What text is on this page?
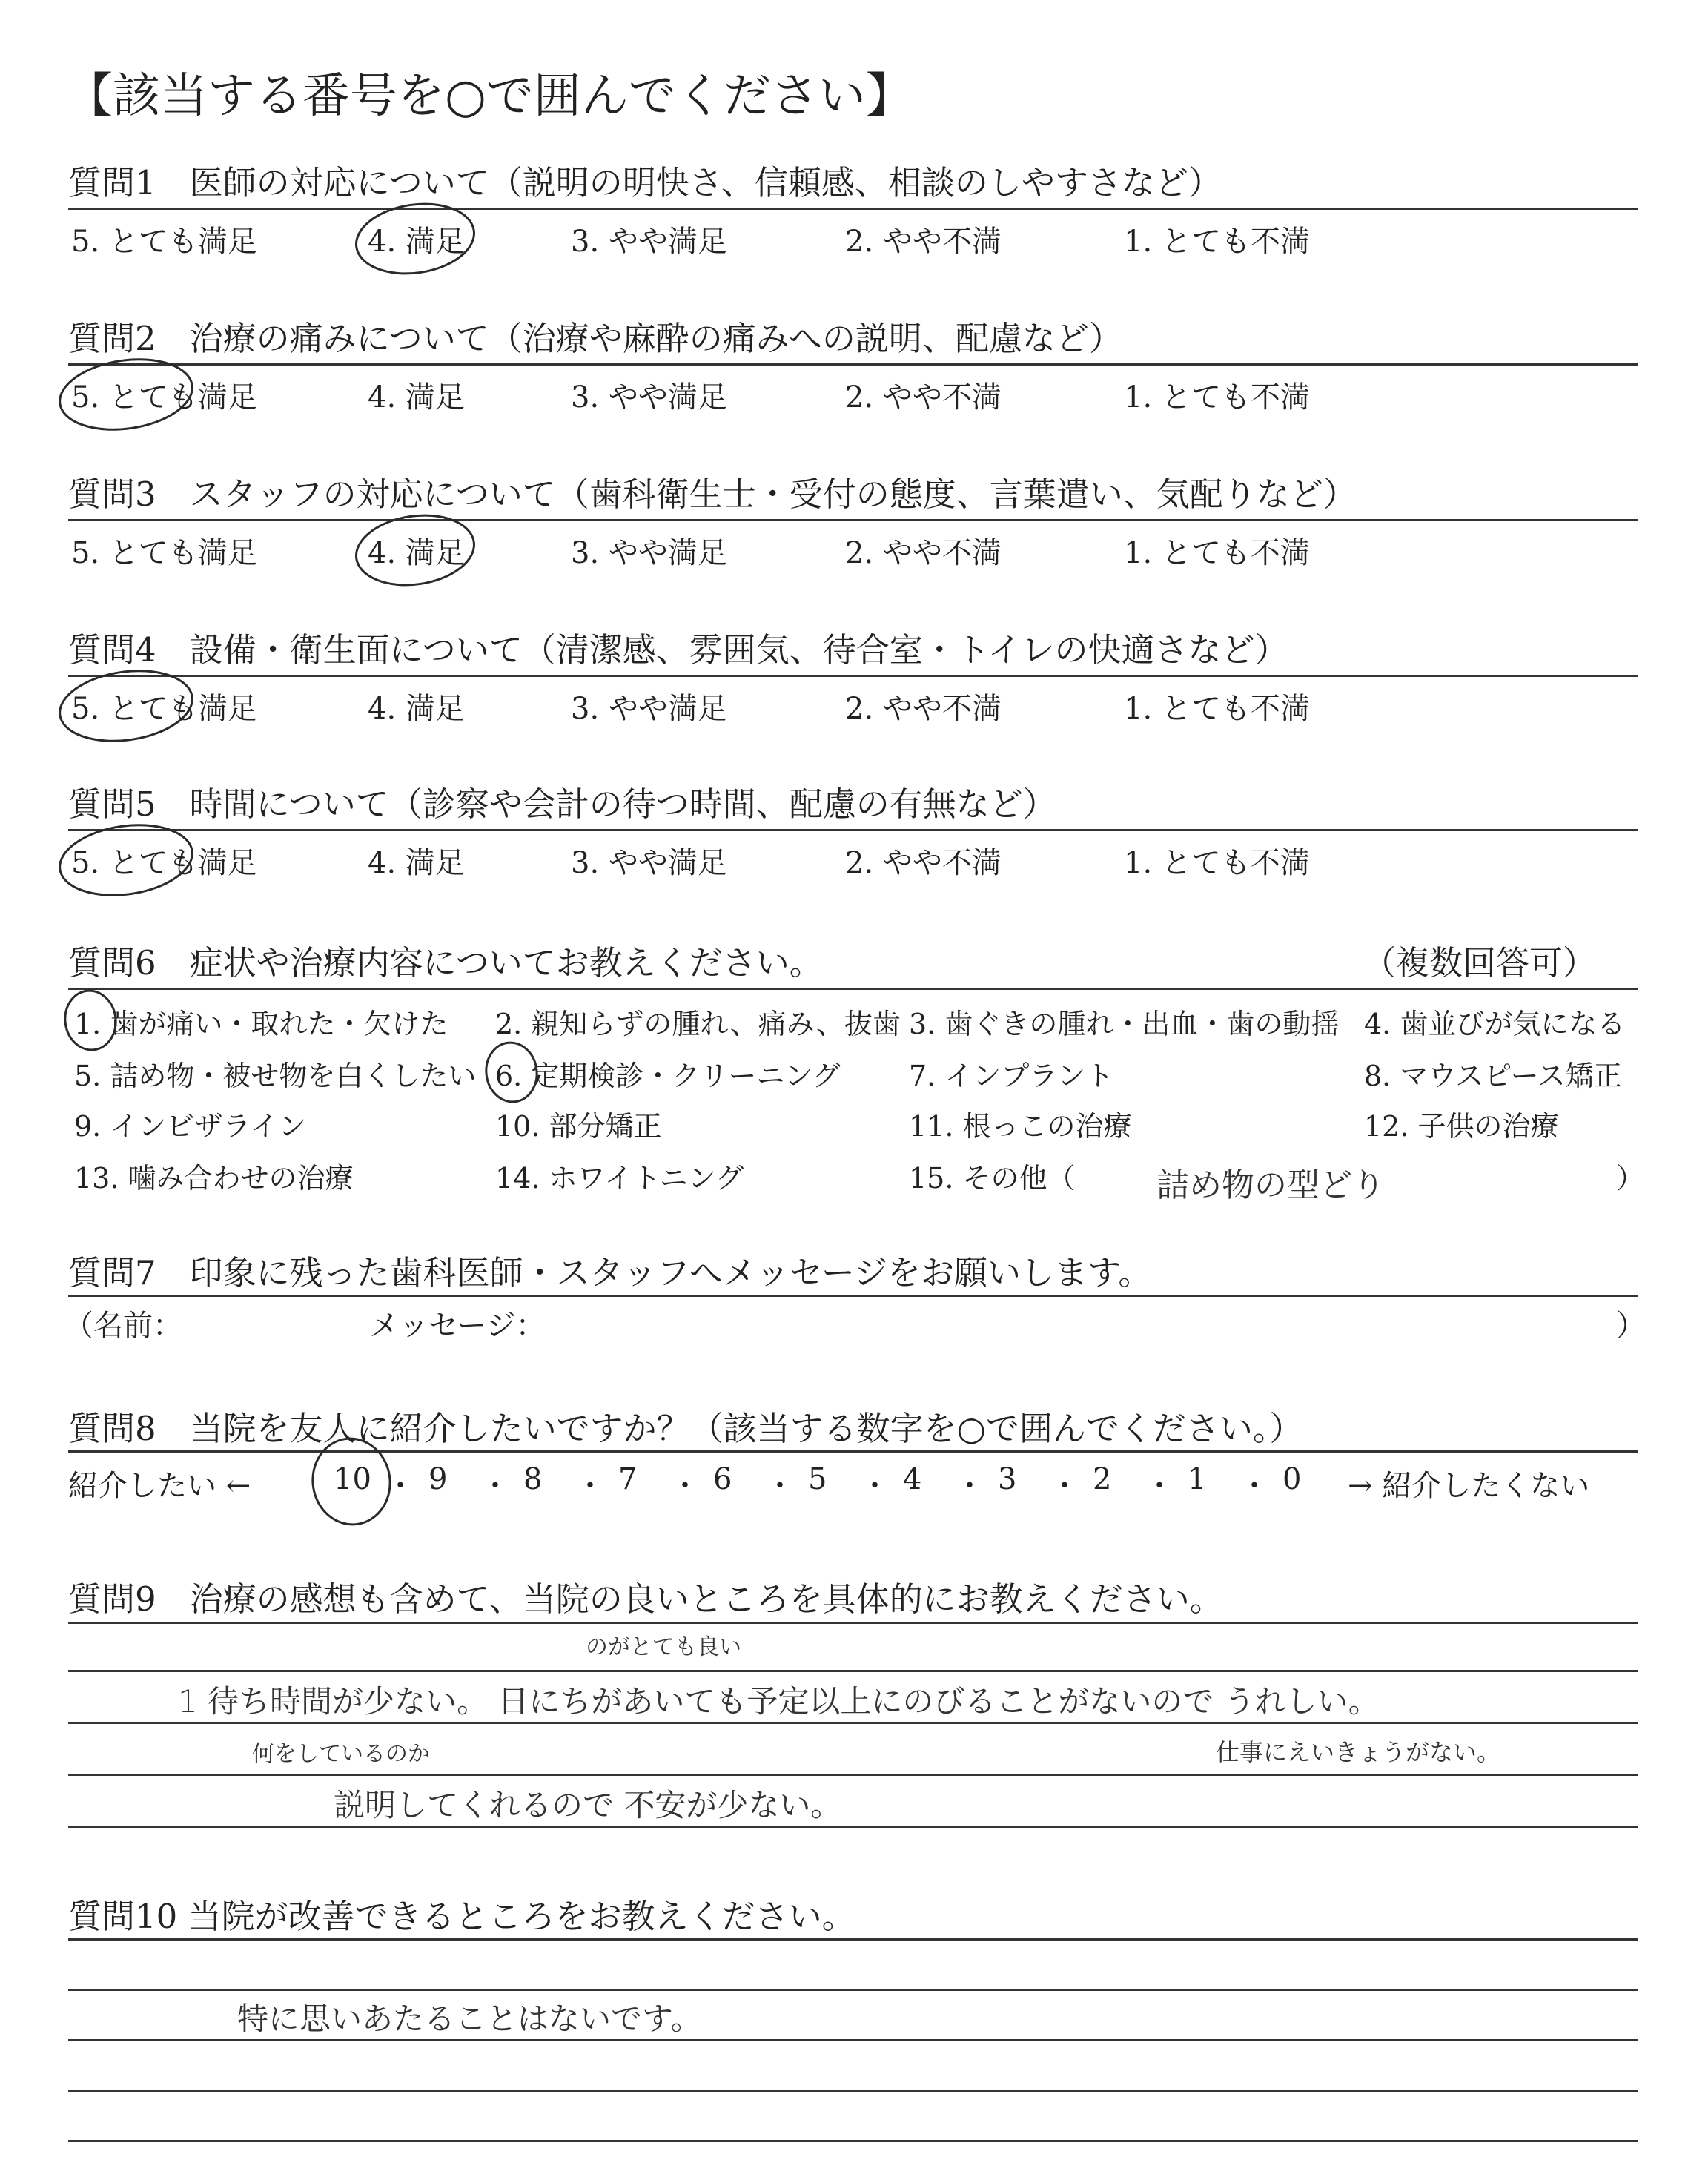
【該当する番号を○で囲んでください】
質問1　医師の対応について（説明の明快さ、信頼感、相談のしやすさなど）
5. とても満足	4. 満足	3. やや満足	2. やや不満	1. とても不満
質問2　治療の痛みについて（治療や麻酔の痛みへの説明、配慮など）
5. とても満足	4. 満足	3. やや満足	2. やや不満	1. とても不満
質問3　スタッフの対応について（歯科衛生士・受付の態度、言葉遣い、気配りなど）
5. とても満足	4. 満足	3. やや満足	2. やや不満	1. とても不満
質問4　設備・衛生面について（清潔感、雰囲気、待合室・トイレの快適さなど）
5. とても満足	4. 満足	3. やや満足	2. やや不満	1. とても不満
質問5　時間について（診察や会計の待つ時間、配慮の有無など）
5. とても満足	4. 満足	3. やや満足	2. やや不満	1. とても不満
質問6　症状や治療内容についてお教えください。	（複数回答可）
1. 歯が痛い・取れた・欠けた 2. 親知らずの腫れ、痛み、抜歯 3. 歯ぐきの腫れ・出血・歯の動揺 4. 歯並びが気になる
5. 詰め物・被せ物を白くしたい 6. 定期検診・クリーニング 7. インプラント	8. マウスピース矯正
9. インビザライン	10. 部分矯正	11. 根っこの治療	12. 子供の治療
13. 噛み合わせの治療	14. ホワイトニング	15. その他（	）
詰め物の型どり
質問7　印象に残った歯科医師・スタッフへメッセージをお願いします。
（名前：	メッセージ：	）
質問8　当院を友人に紹介したいですか？（該当する数字を○で囲んでください。）
紹介したい ←	10 ・ 9 ・ 8 ・ 7 ・ 6 ・ 5 ・ 4 ・ 3 ・ 2 ・ 1 ・ 0 → 紹介したくない
質問9　治療の感想も含めて、当院の良いところを具体的にお教えください。
のがとても良い
1 待ち時間が少ない。 日にちがあいても予定以上にのびることがないので うれしい。
何をしているのか	仕事にえいきょうがない。
説明してくれるので 不安が少ない。
質問10 当院が改善できるところをお教えください。
特に思いあたることはないです。
